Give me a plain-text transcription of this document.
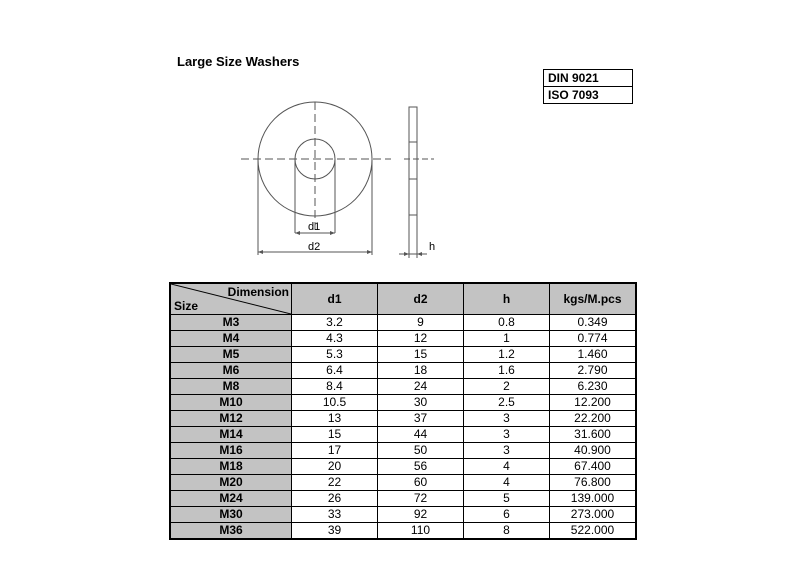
Large Size Washers
DIN 9021
ISO 7093
d1
d2	h
Dimension
Size	d1	d2	h	kgs/M.pcs
M3	3.2	9	0.8	0.349
M4	4.3	12	1	0.774
M5	5.3	15	1.2	1.460
M6	6.4	18	1.6	2.790
M8	8.4	24	2	6.230
M10	10.5	30	2.5	12.200
M12	13	37	3	22.200
M14	15	44	3	31.600
M16	17	50	3	40.900
M18	20	56	4	67.400
M20	22	60	4	76.800
M24	26	72	5	139.000
M30	33	92	6	273.000
M36	39	110	8	522.000
